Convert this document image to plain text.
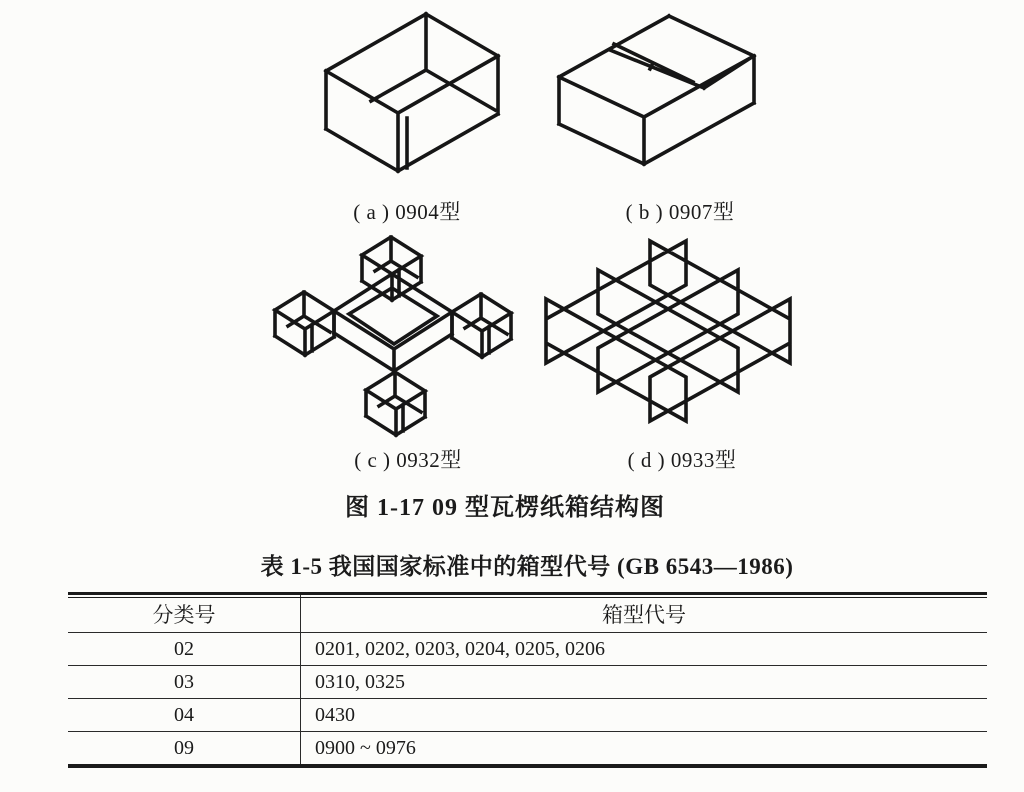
( a ) 0904型	( b ) 0907型
( c ) 0932型	( d ) 0933型
图 1-17 09 型瓦楞纸箱结构图
表 1-5 我国国家标准中的箱型代号 (GB 6543—1986)
分类号	箱型代号
02	0201, 0202, 0203, 0204, 0205, 0206
03	0310, 0325
04	0430
09	0900 ~ 0976
